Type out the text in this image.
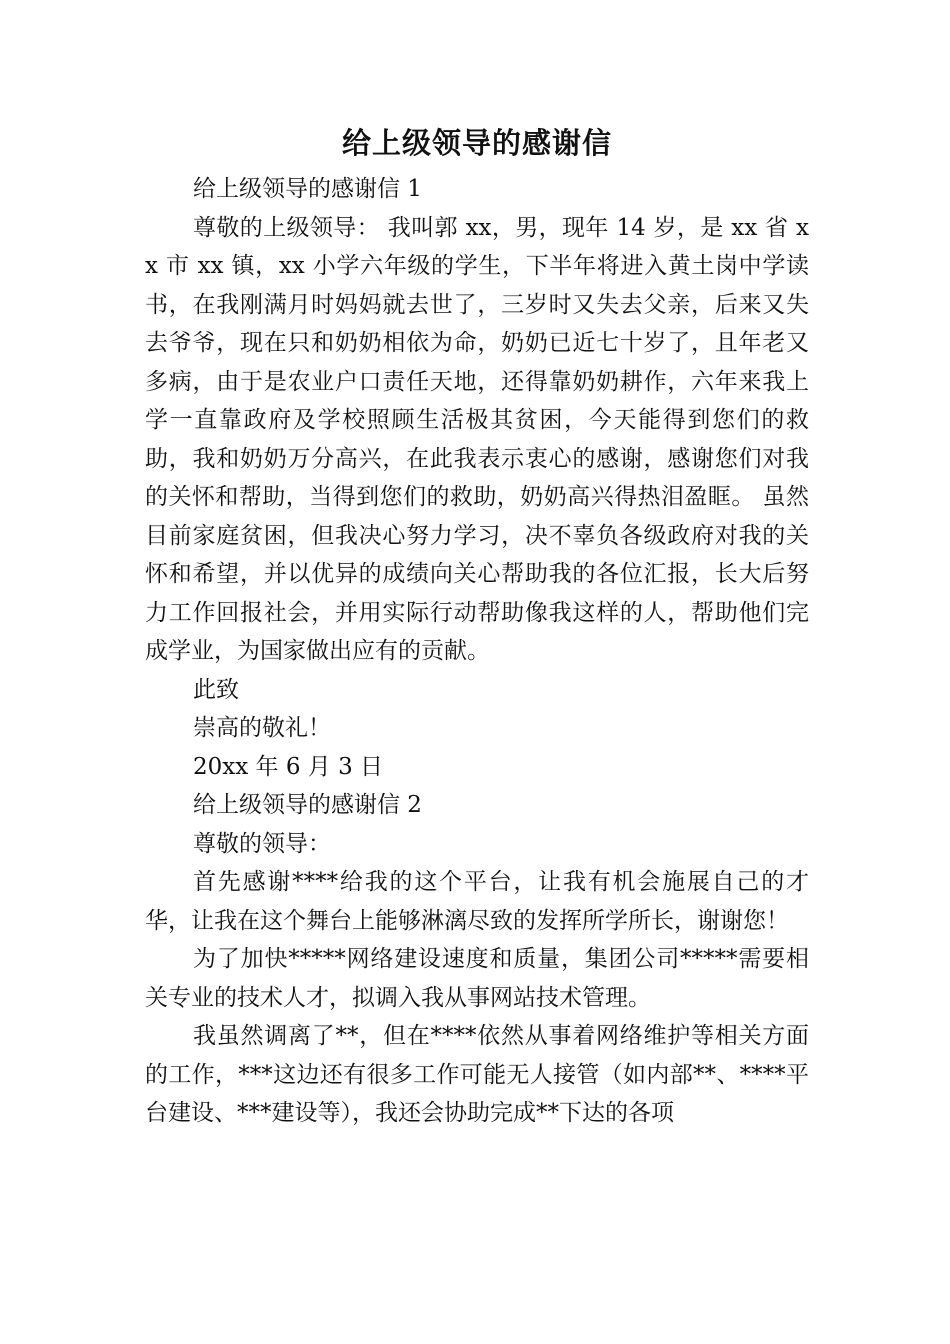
给上级领导的感谢信

给上级领导的感谢信 1

尊敬的上级领导： 我叫郭 xx，男，现年 14 岁，是 xx 省 xx 市 xx 镇，xx 小学六年级的学生，下半年将进入黄土岗中学读书，在我刚满月时妈妈就去世了，三岁时又失去父亲，后来又失去爷爷，现在只和奶奶相依为命，奶奶已近七十岁了，且年老又多病，由于是农业户口责任天地，还得靠奶奶耕作，六年来我上学一直靠政府及学校照顾生活极其贫困，今天能得到您们的救助，我和奶奶万分高兴，在此我表示衷心的感谢，感谢您们对我的关怀和帮助，当得到您们的救助，奶奶高兴得热泪盈眶。 虽然目前家庭贫困，但我决心努力学习，决不辜负各级政府对我的关怀和希望，并以优异的成绩向关心帮助我的各位汇报，长大后努力工作回报社会，并用实际行动帮助像我这样的人，帮助他们完成学业，为国家做出应有的贡献。

此致

崇高的敬礼！

20xx 年 6 月 3 日

给上级领导的感谢信 2

尊敬的领导：

首先感谢****给我的这个平台，让我有机会施展自己的才华，让我在这个舞台上能够淋漓尽致的发挥所学所长，谢谢您！

为了加快*****网络建设速度和质量，集团公司*****需要相关专业的技术人才，拟调入我从事网站技术管理。

我虽然调离了**，但在****依然从事着网络维护等相关方面的工作，***这边还有很多工作可能无人接管（如内部**、****平台建设、***建设等），我还会协助完成**下达的各项
